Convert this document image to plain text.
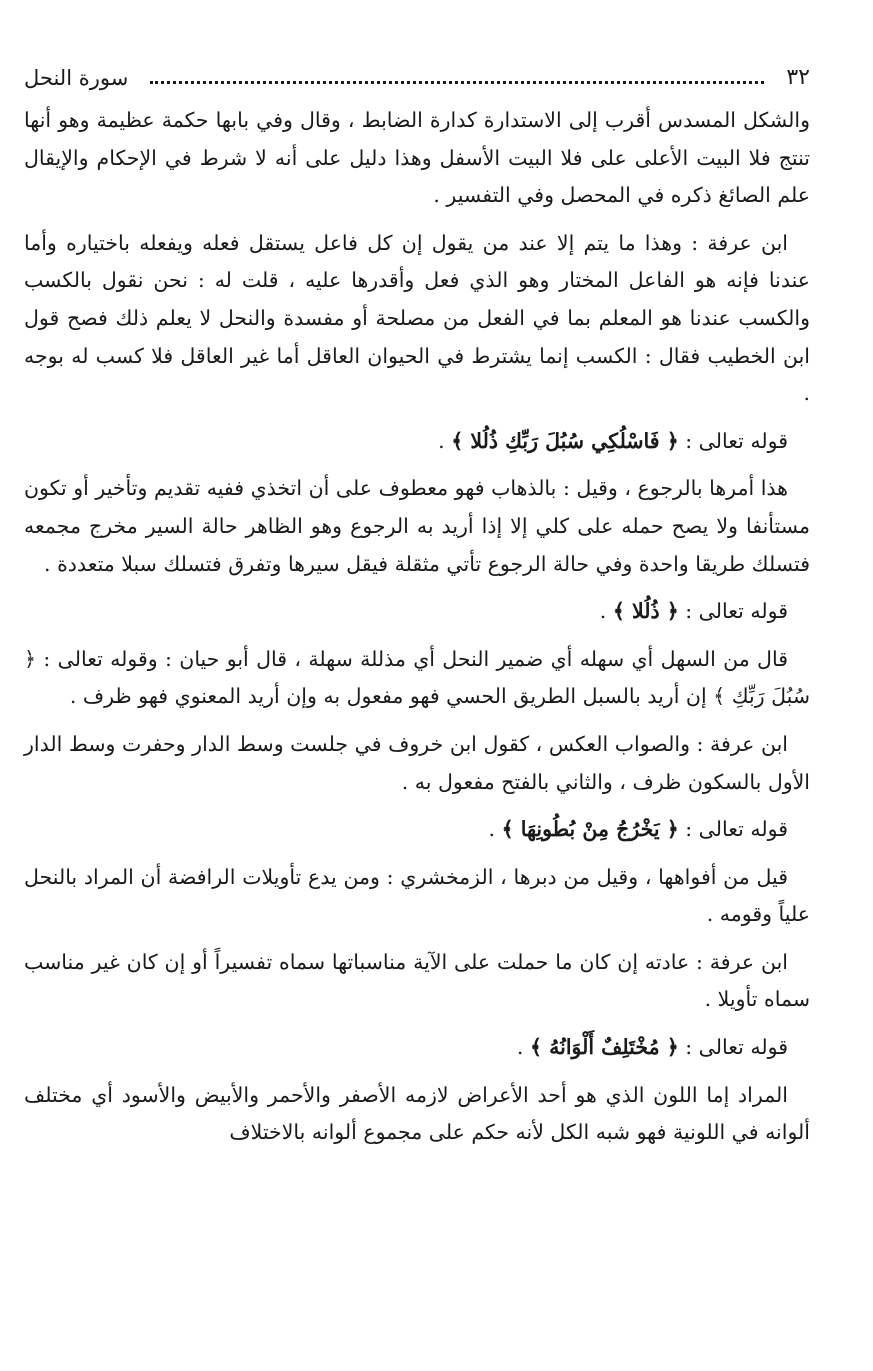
٣٢
سورة النحل
والشكل المسدس أقرب إلى الاستدارة كدارة الضابط ، وقال وفي بابها حكمة عظيمة وهو أنها تنتج فلا البيت الأعلى على فلا البيت الأسفل وهذا دليل على أنه لا شرط في الإحكام والإيقال علم الصائغ ذكره في المحصل وفي التفسير .
ابن عرفة : وهذا ما يتم إلا عند من يقول إن كل فاعل يستقل فعله ويفعله باختياره وأما عندنا فإنه هو الفاعل المختار وهو الذي فعل وأقدرها عليه ، قلت له : نحن نقول بالكسب والكسب عندنا هو المعلم بما في الفعل من مصلحة أو مفسدة والنحل لا يعلم ذلك فصح قول ابن الخطيب فقال : الكسب إنما يشترط في الحيوان العاقل أما غير العاقل فلا كسب له بوجه .
قوله تعالى : ﴿ فَاسْلُكِي سُبُلَ رَبِّكِ ذُلُلا ﴾ .
هذا أمرها بالرجوع ، وقيل : بالذهاب فهو معطوف على أن اتخذي ففيه تقديم وتأخير أو تكون مستأنفا ولا يصح حمله على كلي إلا إذا أريد به الرجوع وهو الظاهر حالة السير مخرج مجمعه فتسلك طريقا واحدة وفي حالة الرجوع تأتي مثقلة فيقل سيرها وتفرق فتسلك سبلا متعددة .
قوله تعالى : ﴿ ذُلُلا ﴾ .
قال من السهل أي سهله أي ضمير النحل أي مذللة سهلة ، قال أبو حيان : وقوله تعالى : ﴿ سُبُلَ رَبِّكِ ﴾ إن أريد بالسبل الطريق الحسي فهو مفعول به وإن أريد المعنوي فهو ظرف .
ابن عرفة : والصواب العكس ، كقول ابن خروف في جلست وسط الدار وحفرت وسط الدار الأول بالسكون ظرف ، والثاني بالفتح مفعول به .
قوله تعالى : ﴿ يَخْرُجُ مِنْ بُطُونِهَا ﴾ .
قيل من أفواهها ، وقيل من دبرها ، الزمخشري : ومن يدع تأويلات الرافضة أن المراد بالنحل علياً وقومه .
ابن عرفة : عادته إن كان ما حملت على الآية مناسباتها سماه تفسيراً أو إن كان غير مناسب سماه تأويلا .
قوله تعالى : ﴿ مُخْتَلِفٌ أَلْوَانُهُ ﴾ .
المراد إما اللون الذي هو أحد الأعراض لازمه الأصفر والأحمر والأبيض والأسود أي مختلف ألوانه في اللونية فهو شبه الكل لأنه حكم على مجموع ألوانه بالاختلاف
